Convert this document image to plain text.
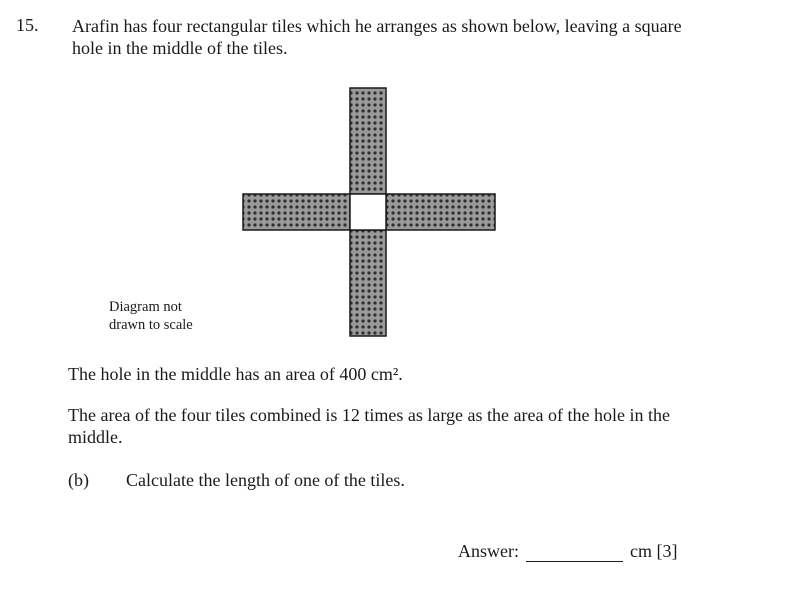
15. Arafin has four rectangular tiles which he arranges as shown below, leaving a square hole in the middle of the tiles.
Diagram not
drawn to scale
The hole in the middle has an area of 400 cm².
The area of the four tiles combined is 12 times as large as the area of the hole in the middle.
(b) Calculate the length of one of the tiles.
Answer:	cm [3]
